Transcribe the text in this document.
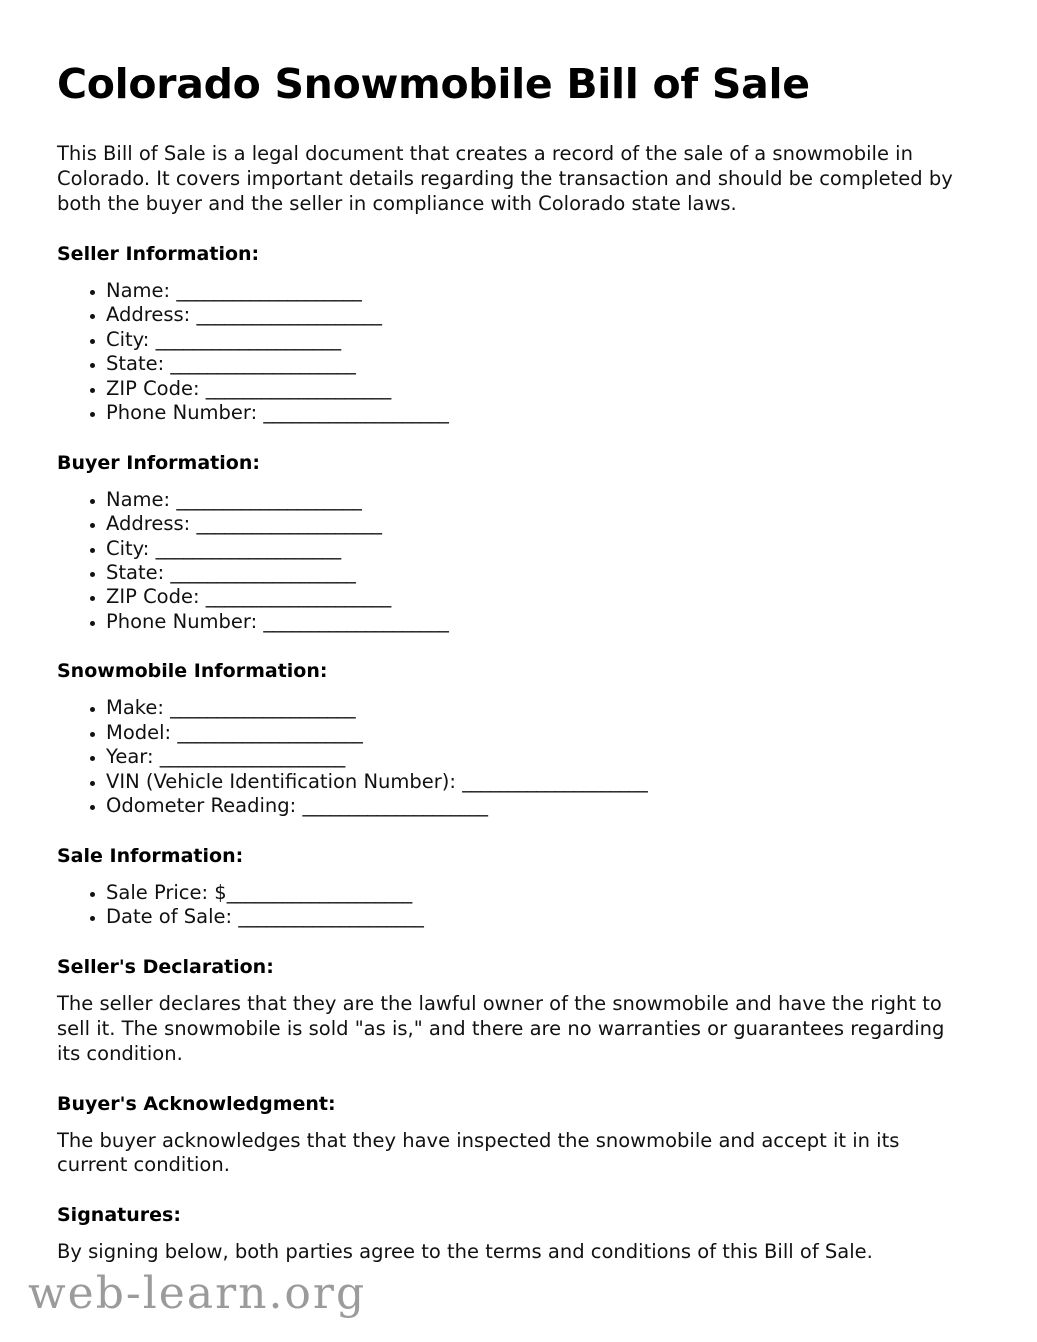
Colorado Snowmobile Bill of Sale

This Bill of Sale is a legal document that creates a record of the sale of a snowmobile in Colorado. It covers important details regarding the transaction and should be completed by both the buyer and the seller in compliance with Colorado state laws.

Seller Information:
Name: ____________________
Address: ____________________
City: ____________________
State: ____________________
ZIP Code: ____________________
Phone Number: ____________________
Buyer Information:
Name: ____________________
Address: ____________________
City: ____________________
State: ____________________
ZIP Code: ____________________
Phone Number: ____________________
Snowmobile Information:
Make: ____________________
Model: ____________________
Year: ____________________
VIN (Vehicle Identification Number): ____________________
Odometer Reading: ____________________
Sale Information:
Sale Price: $____________________
Date of Sale: ____________________
Seller's Declaration:

The seller declares that they are the lawful owner of the snowmobile and have the right to sell it. The snowmobile is sold "as is," and there are no warranties or guarantees regarding its condition.

Buyer's Acknowledgment:

The buyer acknowledges that they have inspected the snowmobile and accept it in its current condition.

Signatures:

By signing below, both parties agree to the terms and conditions of this Bill of Sale.

web-learn.org
